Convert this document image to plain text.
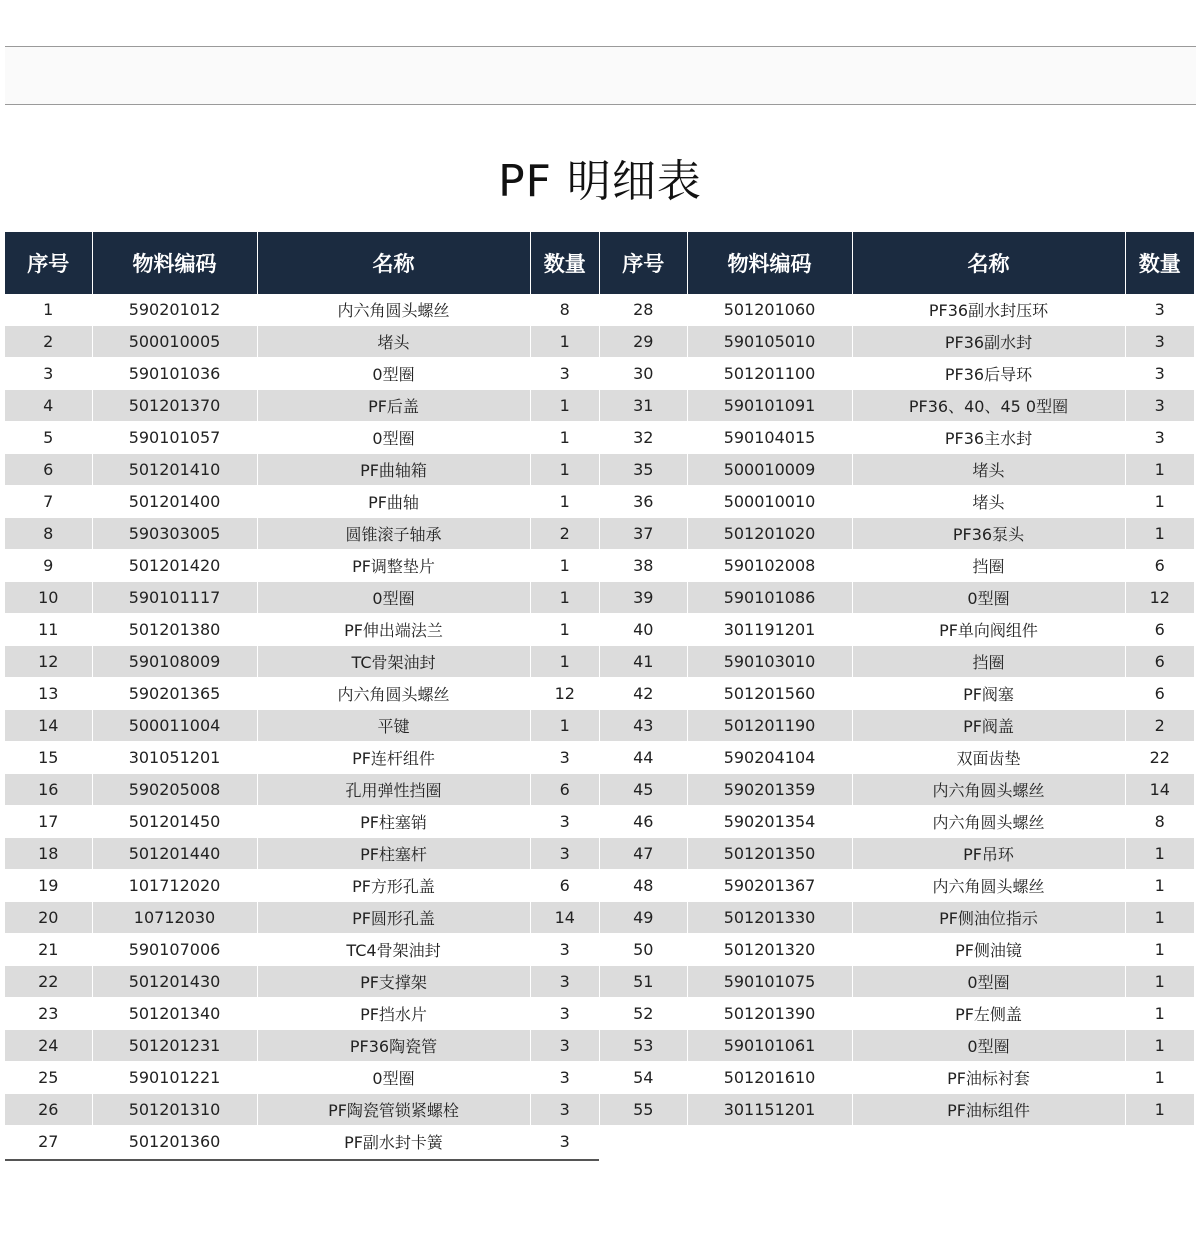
PF 明细表
序号	物料编码	名称	数量
1	590201012	内六角圆头螺丝	8
2	500010005	堵头	1
3	590101036	0型圈	3
4	501201370	PF后盖	1
5	590101057	0型圈	1
6	501201410	PF曲轴箱	1
7	501201400	PF曲轴	1
8	590303005	圆锥滚子轴承	2
9	501201420	PF调整垫片	1
10	590101117	0型圈	1
11	501201380	PF伸出端法兰	1
12	590108009	TC骨架油封	1
13	590201365	内六角圆头螺丝	12
14	500011004	平键	1
15	301051201	PF连杆组件	3
16	590205008	孔用弹性挡圈	6
17	501201450	PF柱塞销	3
18	501201440	PF柱塞杆	3
19	101712020	PF方形孔盖	6
20	10712030	PF圆形孔盖	14
21	590107006	TC4骨架油封	3
22	501201430	PF支撑架	3
23	501201340	PF挡水片	3
24	501201231	PF36陶瓷管	3
25	590101221	0型圈	3
26	501201310	PF陶瓷管锁紧螺栓	3
27	501201360	PF副水封卡簧	3
序号	物料编码	名称	数量
28	501201060	PF36副水封压环	3
29	590105010	PF36副水封	3
30	501201100	PF36后导环	3
31	590101091	PF36、40、45 0型圈	3
32	590104015	PF36主水封	3
35	500010009	堵头	1
36	500010010	堵头	1
37	501201020	PF36泵头	1
38	590102008	挡圈	6
39	590101086	0型圈	12
40	301191201	PF单向阀组件	6
41	590103010	挡圈	6
42	501201560	PF阀塞	6
43	501201190	PF阀盖	2
44	590204104	双面齿垫	22
45	590201359	内六角圆头螺丝	14
46	590201354	内六角圆头螺丝	8
47	501201350	PF吊环	1
48	590201367	内六角圆头螺丝	1
49	501201330	PF侧油位指示	1
50	501201320	PF侧油镜	1
51	590101075	0型圈	1
52	501201390	PF左侧盖	1
53	590101061	0型圈	1
54	501201610	PF油标衬套	1
55	301151201	PF油标组件	1
